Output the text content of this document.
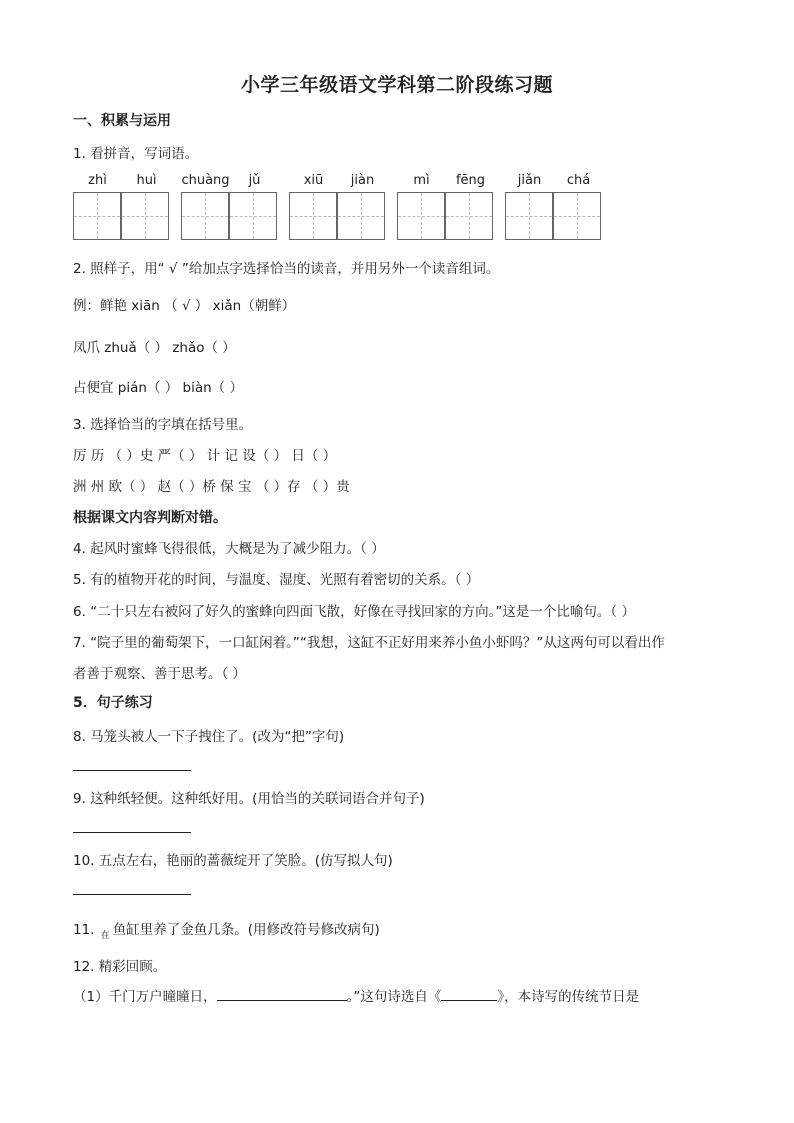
小学三年级语文学科第二阶段练习题
一、积累与运用
1. 看拼音，写词语。
zhì	huì	chuàng	jǔ	xiū	jiàn	mì	fēng	jiǎn	chá
2. 照样子，用“ √ ”给加点字选择恰当的读音，并用另外一个读音组词。
例：鲜艳 xiān （ √ ） xiǎn（朝鲜）
凤爪 zhuǎ（ ） zhǎo（ ）
占便宜 pián（ ） biàn（ ）
3. 选择恰当的字填在括号里。
厉 历 （ ）史 严（ ） 计 记 设（ ） 日（ ）
洲 州 欧（ ） 赵（ ）桥 保 宝 （ ）存 （ ）贵
根据课文内容判断对错。
4. 起风时蜜蜂飞得很低，大概是为了减少阻力。（ ）
5. 有的植物开花的时间，与温度、湿度、光照有着密切的关系。（ ）
6. “二十只左右被闷了好久的蜜蜂向四面飞散，好像在寻找回家的方向。”这是一个比喻句。（ ）
7. “院子里的葡萄架下，一口缸闲着。”“我想，这缸不正好用来养小鱼小虾吗？”从这两句可以看出作
者善于观察、善于思考。（ ）
5．句子练习
8. 马笼头被人一下子拽住了。(改为“把”字句)
9. 这种纸轻便。这种纸好用。(用恰当的关联词语合并句子)
10. 五点左右，艳丽的蔷薇绽开了笑脸。(仿写拟人句)
11. 在 鱼缸里养了金鱼几条。(用修改符号修改病句)
12. 精彩回顾。
（1）千门万户曈曈日，	。”这句诗选自《	》，本诗写的传统节日是
